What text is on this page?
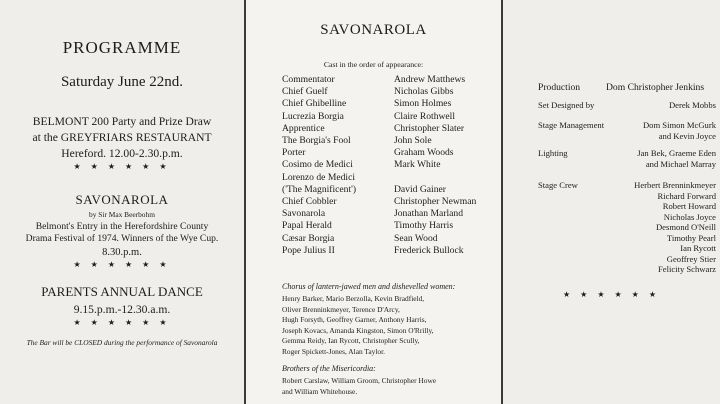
PROGRAMME
Saturday June 22nd.
BELMONT 200 Party and Prize Draw
at the GREYFRIARS RESTAURANT
Hereford. 12.00-2.30.p.m.
★ ★ ★ ★ ★ ★
SAVONAROLA
by Sir Max Beerbohm
Belmont's Entry in the Herefordshire County
Drama Festival of 1974. Winners of the Wye Cup.
8.30.p.m.
★ ★ ★ ★ ★ ★
PARENTS ANNUAL DANCE
9.15.p.m.-12.30.a.m.
★ ★ ★ ★ ★ ★
The Bar will be CLOSED during the performance of Savonarola
SAVONAROLA
Cast in the order of appearance:
Commentator	Andrew Matthews
Chief Guelf	Nicholas Gibbs
Chief Ghibelline	Simon Holmes
Lucrezia Borgia	Claire Rothwell
Apprentice	Christopher Slater
The Borgia's Fool	John Sole
Porter	Graham Woods
Cosimo de Medici	Mark White
Lorenzo de Medici
('The Magnificent')	David Gainer
Chief Cobbler	Christopher Newman
Savonarola	Jonathan Marland
Papal Herald	Timothy Harris
Cæsar Borgia	Sean Wood
Pope Julius II	Frederick Bullock
Chorus of lantern-jawed men and dishevelled women:
Henry Barker, Mario Berzolla, Kevin Bradfield,
Oliver Brenninkmeyer, Terence D'Arcy,
Hugh Forsyth, Geoffrey Garner, Anthony Harris,
Joseph Kovacs, Amanda Kingston, Simon O'Rrilly,
Gemma Reidy, Ian Rycott, Christopher Scully,
Roger Spickett-Jones, Alan Taylor.
Brothers of the Misericordia:
Robert Carslaw, William Groom, Christopher Howe
and William Whitehouse.
Production	Dom Christopher Jenkins
Set Designed by	Derek Mobbs
Stage Management	Dom Simon McGurk
and Kevin Joyce
Lighting	Jan Bek, Graeme Eden
and Michael Marray
Stage Crew	Herbert Brenninkmeyer
Richard Forward
Robert Howard
Nicholas Joyce
Desmond O'Neill
Timothy Pearl
Ian Rycott
Geoffrey Stier
Felicity Schwarz
★ ★ ★ ★ ★ ★
